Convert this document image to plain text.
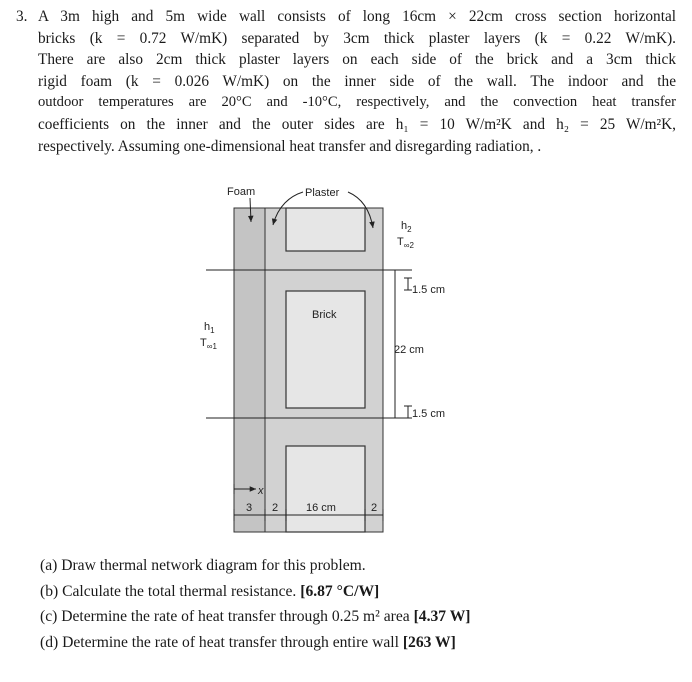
3. A 3m high and 5m wide wall consists of long 16cm × 22cm cross section horizontal
bricks (k = 0.72 W/mK) separated by 3cm thick plaster layers (k = 0.22 W/mK).
There are also 2cm thick plaster layers on each side of the brick and a 3cm thick
rigid foam (k = 0.026 W/mK) on the inner side of the wall. The indoor and the
outdoor temperatures are 20°C and -10°C, respectively, and the convection heat transfer
coefficients on the inner and the outer sides are h₁ = 10 W/m²K and h₂ = 25 W/m²K,
respectively. Assuming one-dimensional heat transfer and disregarding radiation, .
Foam	Plaster
Brick
$h_2$
$T_{\infty 2}$
$h_1$
$T_{\infty 1}$
1.5 cm
22 cm
1.5 cm
x
3 2	16 cm	2
(a) Draw thermal network diagram for this problem.
(b) Calculate the total thermal resistance. [6.87 °C/W]
(c) Determine the rate of heat transfer through 0.25 m² area [4.37 W]
(d) Determine the rate of heat transfer through entire wall [263 W]
